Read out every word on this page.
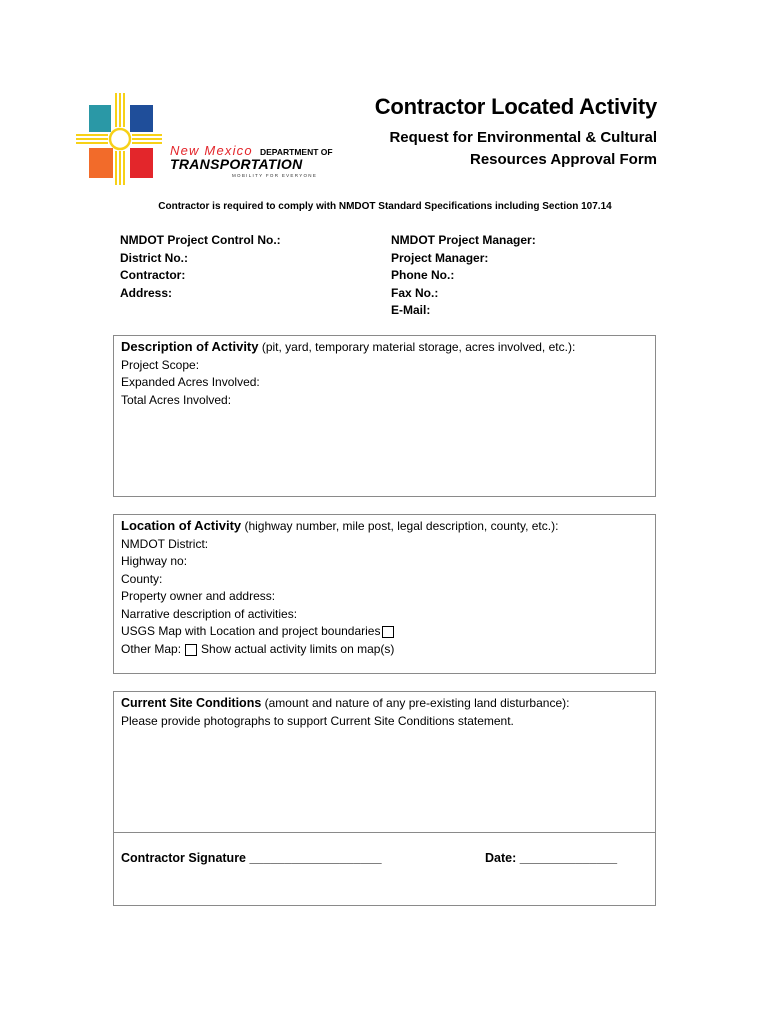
New Mexico DEPARTMENT OF
TRANSPORTATION
MOBILITY FOR EVERYONE
Contractor Located Activity
Request for Environmental & Cultural
Resources Approval Form
Contractor is required to comply with NMDOT Standard Specifications including Section 107.14
NMDOT Project Control No.:
District No.:
Contractor:
Address:
NMDOT Project Manager:
Project Manager:
Phone No.:
Fax No.:
E-Mail:
Description of Activity (pit, yard, temporary material storage, acres involved, etc.):
Project Scope:
Expanded Acres Involved:
Total Acres Involved:
Location of Activity (highway number, mile post, legal description, county, etc.):
NMDOT District:
Highway no:
County:
Property owner and address:
Narrative description of activities:
USGS Map with Location and project boundaries
Other Map: Show actual activity limits on map(s)
Current Site Conditions (amount and nature of any pre-existing land disturbance):
Please provide photographs to support Current Site Conditions statement.
Contractor Signature ___________________	Date: ______________
